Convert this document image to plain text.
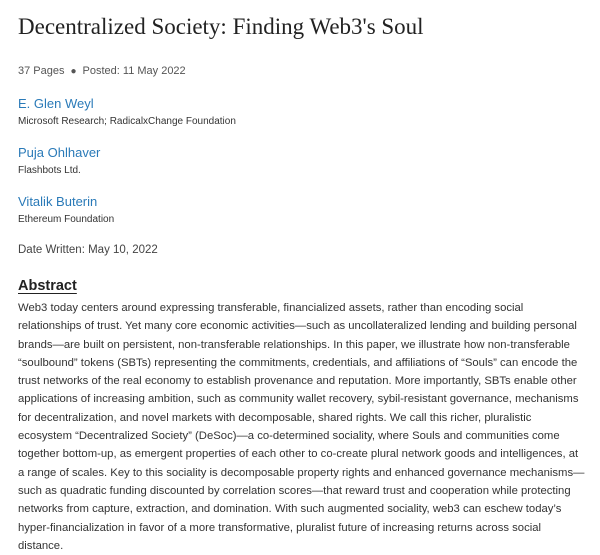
Decentralized Society: Finding Web3's Soul
37 Pages ● Posted: 11 May 2022
E. Glen Weyl
Microsoft Research; RadicalxChange Foundation
Puja Ohlhaver
Flashbots Ltd.
Vitalik Buterin
Ethereum Foundation
Date Written: May 10, 2022
Abstract
Web3 today centers around expressing transferable, financialized assets, rather than encoding social relationships of trust. Yet many core economic activities—such as uncollateralized lending and building personal brands—are built on persistent, non-transferable relationships. In this paper, we illustrate how non-transferable “soulbound” tokens (SBTs) representing the commitments, credentials, and affiliations of “Souls” can encode the trust networks of the real economy to establish provenance and reputation. More importantly, SBTs enable other applications of increasing ambition, such as community wallet recovery, sybil-resistant governance, mechanisms for decentralization, and novel markets with decomposable, shared rights. We call this richer, pluralistic ecosystem “Decentralized Society” (DeSoc)—a co-determined sociality, where Souls and communities come together bottom-up, as emergent properties of each other to co-create plural network goods and intelligences, at a range of scales. Key to this sociality is decomposable property rights and enhanced governance mechanisms—such as quadratic funding discounted by correlation scores—that reward trust and cooperation while protecting networks from capture, extraction, and domination. With such augmented sociality, web3 can eschew today’s hyper-financialization in favor of a more transformative, pluralist future of increasing returns across social distance.
